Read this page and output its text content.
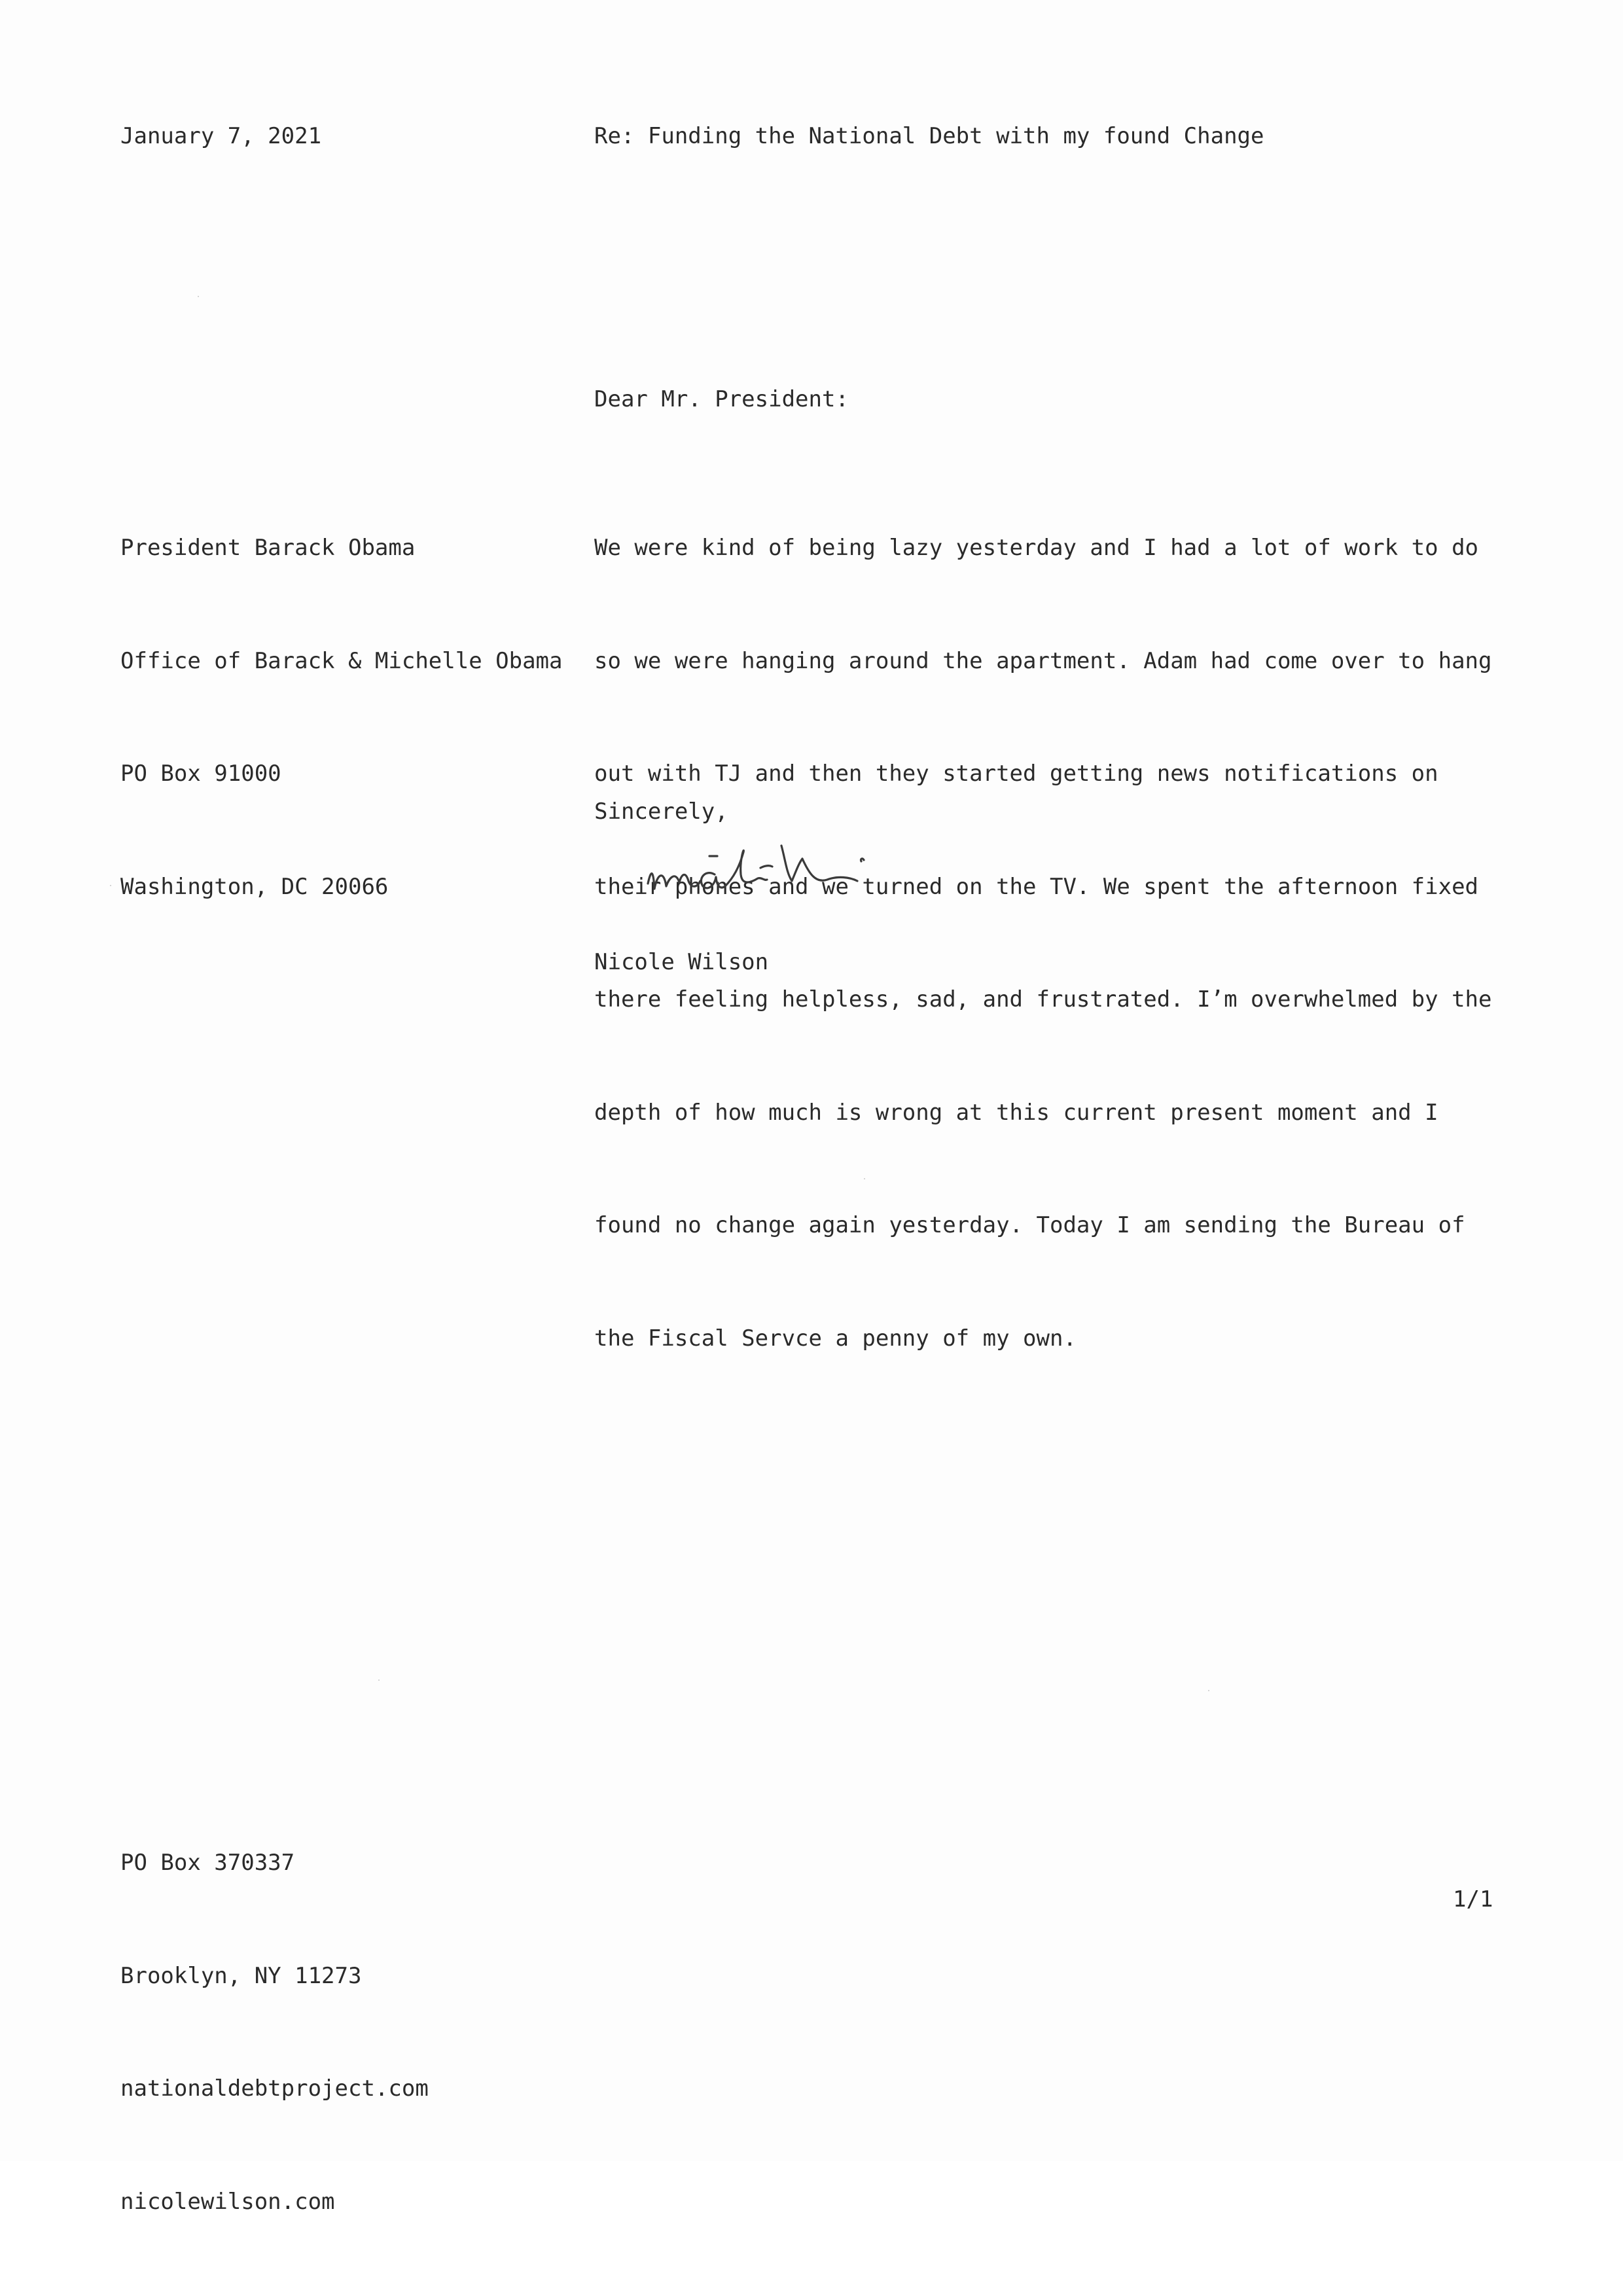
January 7, 2021	Re: Funding the National Debt with my found Change
Dear Mr. President:

President Barack Obama

Office of Barack & Michelle Obama

PO Box 91000

Washington, DC 20066

We were kind of being lazy yesterday and I had a lot of work to do

so we were hanging around the apartment. Adam had come over to hang

out with TJ and then they started getting news notifications on

their phones and we turned on the TV. We spent the afternoon fixed

there feeling helpless, sad, and frustrated. I’m overwhelmed by the

depth of how much is wrong at this current present moment and I

found no change again yesterday. Today I am sending the Bureau of

the Fiscal Servce a penny of my own.

Sincerely,
Nicole Wilson

PO Box 370337

Brooklyn, NY 11273

nationaldebtproject.com

nicolewilson.com

1/1
